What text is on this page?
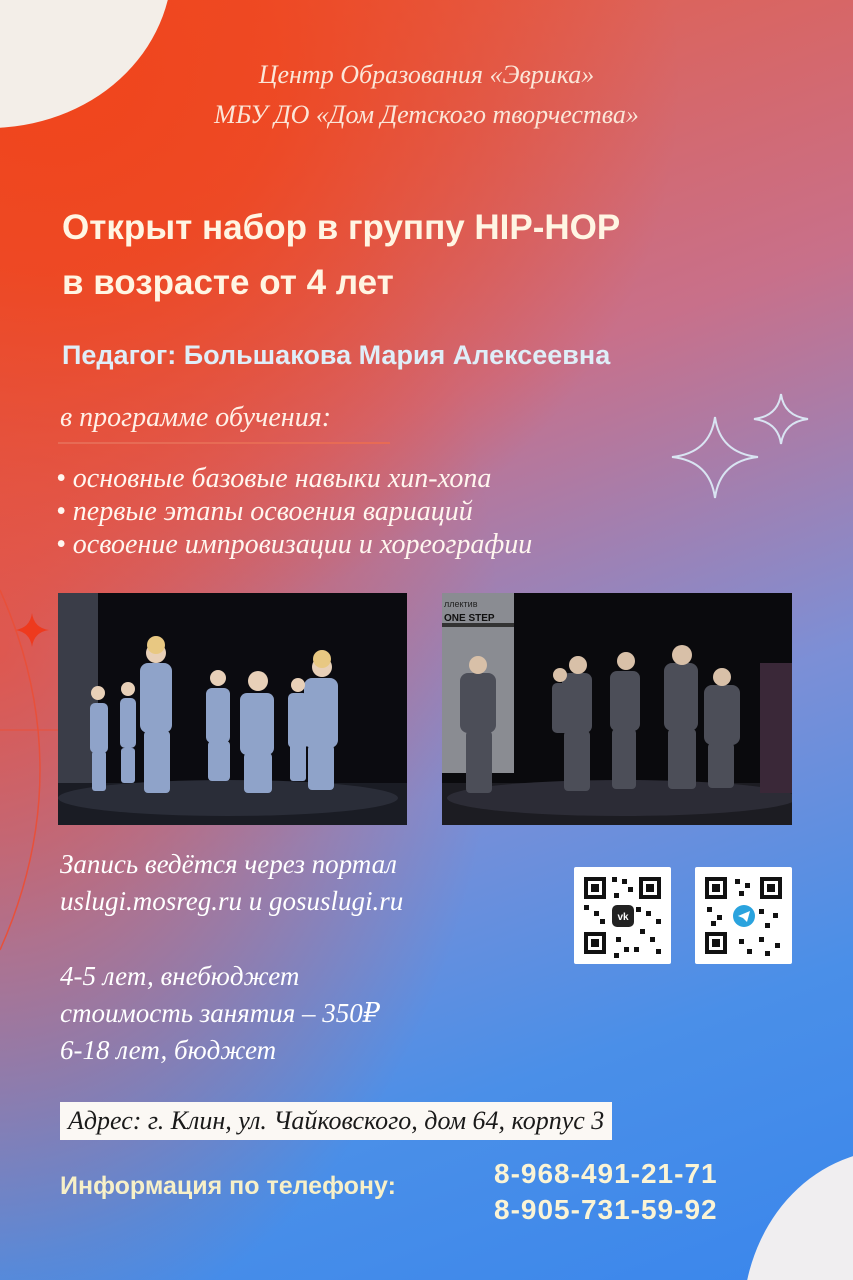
Центр Образования «Эврика»
МБУ ДО «Дом Детского творчества»
Открыт набор в группу HIP-HOP
в возрасте от 4 лет
Педагог: Большакова Мария Алексеевна
в программе обучения:
• основные базовые навыки хип-хопа
• первые этапы освоения вариаций
• освоение импровизации и хореографии
ллектив
ONE STEP
Запись ведётся через портал
uslugi.mosreg.ru и gosuslugi.ru
vk
4-5 лет, внебюджет
стоимость занятия – 350₽
6-18 лет, бюджет
Адрес: г. Клин, ул. Чайковского, дом 64, корпус 3
Информация по телефону:	8-968-491-21-71
8-905-731-59-92
